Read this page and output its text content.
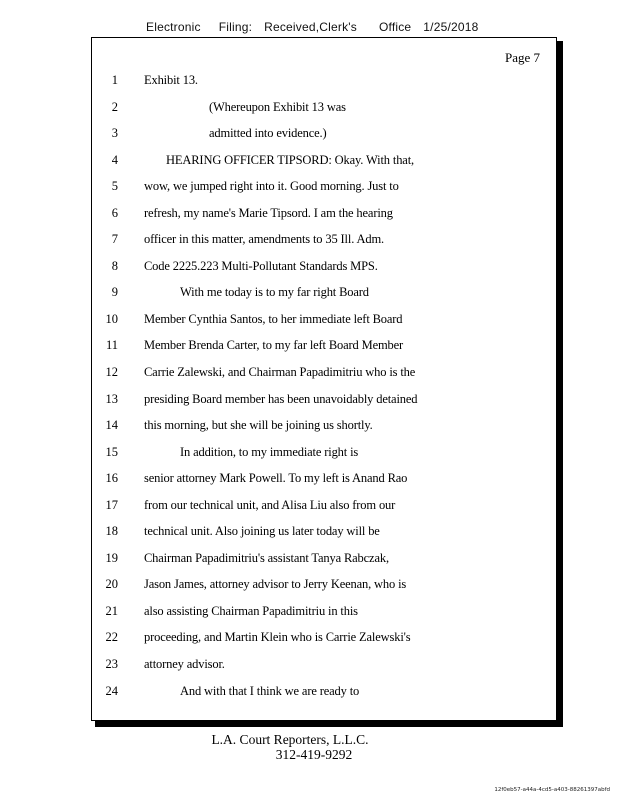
Electronic Filing: Received,Clerk's Office 1/25/2018
Page 7
1 Exhibit 13.
2	(Whereupon Exhibit 13 was
3	admitted into evidence.)
4	HEARING OFFICER TIPSORD: Okay. With that,
5 wow, we jumped right into it. Good morning. Just to
6 refresh, my name's Marie Tipsord. I am the hearing
7 officer in this matter, amendments to 35 Ill. Adm.
8 Code 2225.223 Multi-Pollutant Standards MPS.
9	With me today is to my far right Board
10 Member Cynthia Santos, to her immediate left Board
11 Member Brenda Carter, to my far left Board Member
12 Carrie Zalewski, and Chairman Papadimitriu who is the
13 presiding Board member has been unavoidably detained
14 this morning, but she will be joining us shortly.
15	In addition, to my immediate right is
16 senior attorney Mark Powell. To my left is Anand Rao
17 from our technical unit, and Alisa Liu also from our
18 technical unit. Also joining us later today will be
19 Chairman Papadimitriu's assistant Tanya Rabczak,
20 Jason James, attorney advisor to Jerry Keenan, who is
21 also assisting Chairman Papadimitriu in this
22 proceeding, and Martin Klein who is Carrie Zalewski's
23 attorney advisor.
24	And with that I think we are ready to
L.A. Court Reporters, L.L.C.
312-419-9292
12f0eb57-a44a-4cd5-a403-88261397abfd
